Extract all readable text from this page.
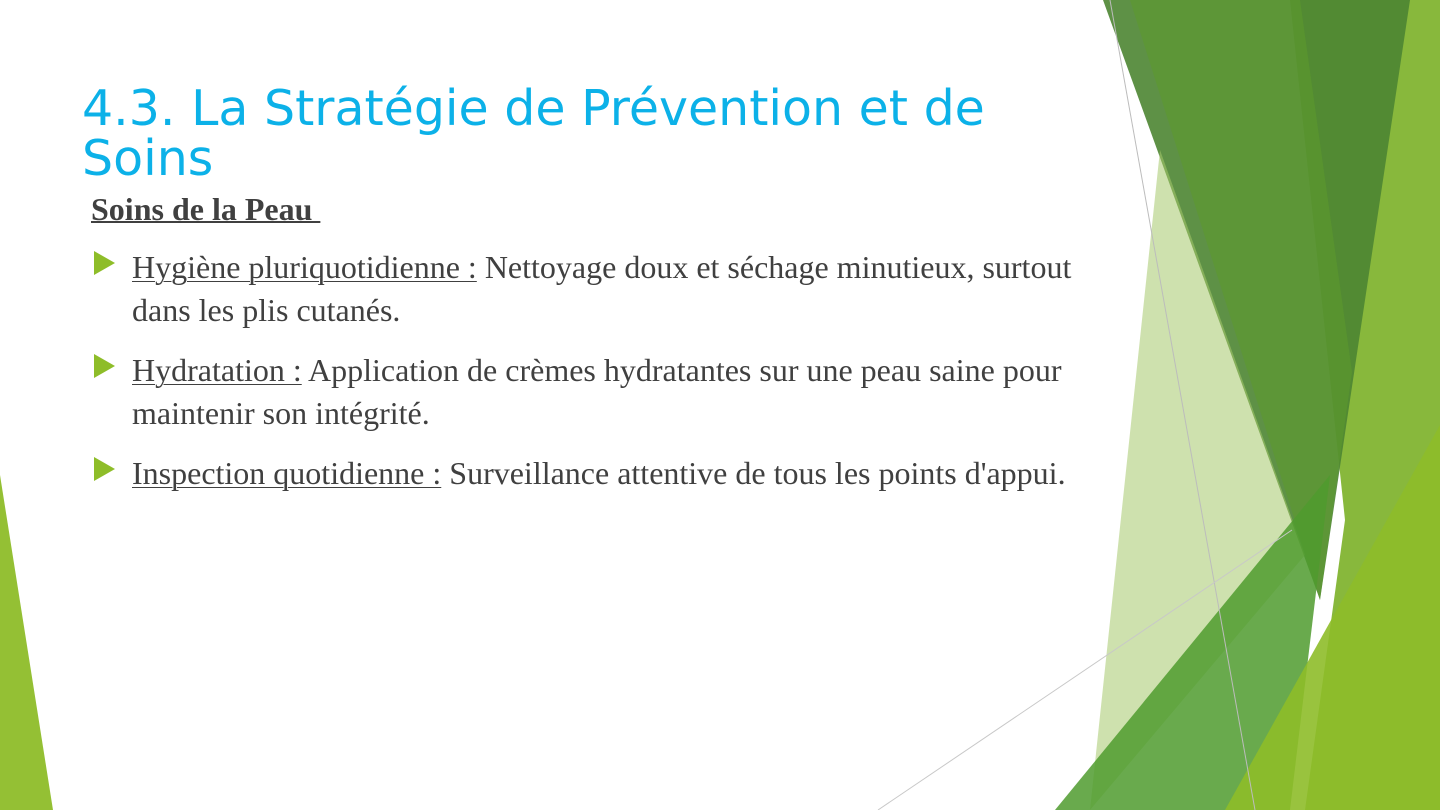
4.3. La Stratégie de Prévention et de Soins

Soins de la Peau

Hygiène pluriquotidienne : Nettoyage doux et séchage minutieux, surtout dans les plis cutanés.
Hydratation : Application de crèmes hydratantes sur une peau saine pour maintenir son intégrité.
Inspection quotidienne : Surveillance attentive de tous les points d'appui.
